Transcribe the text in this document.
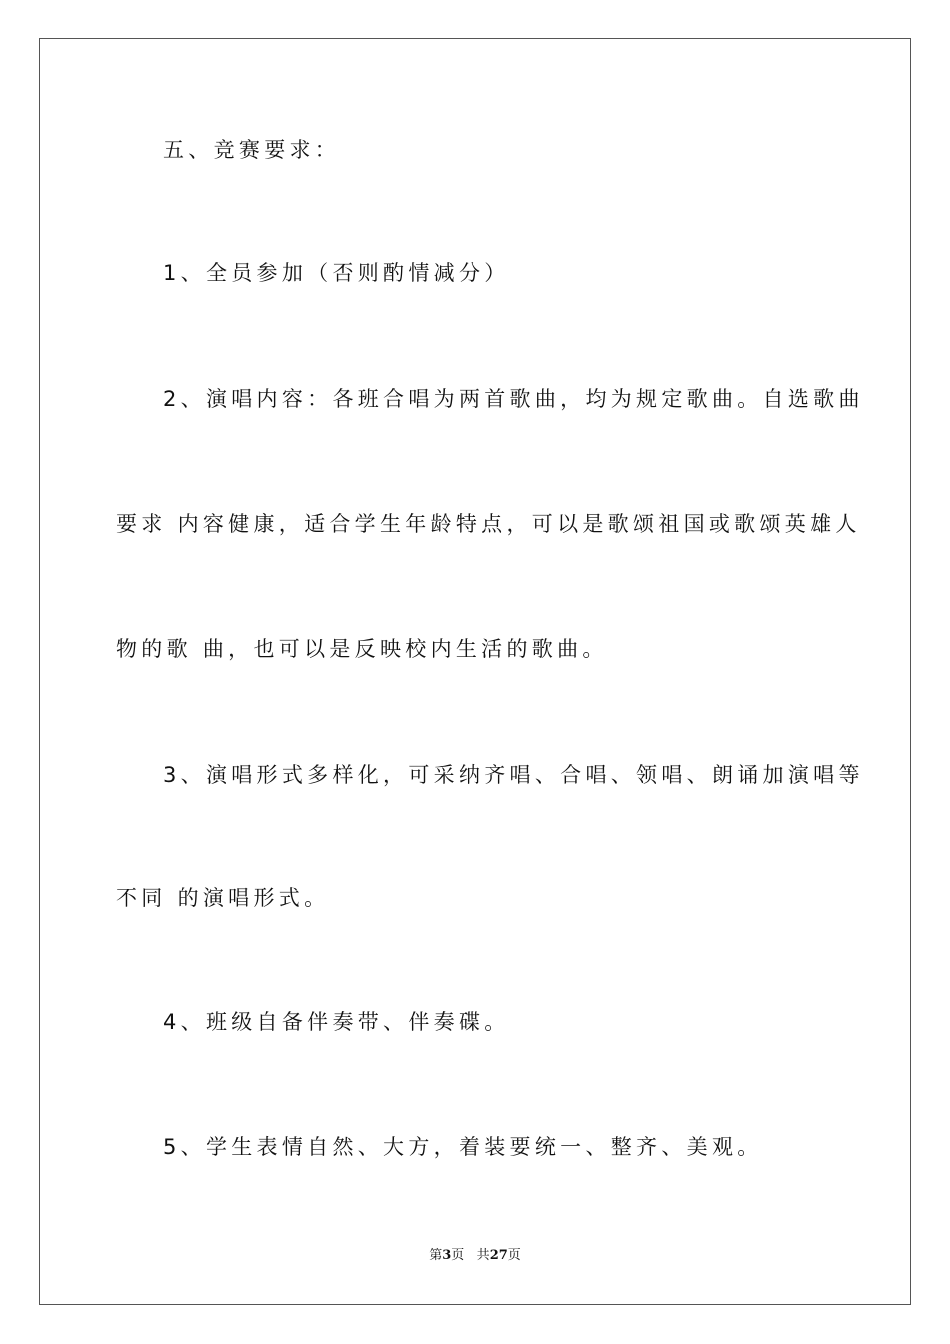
五、竞赛要求：
1、全员参加（否则酌情减分）
2、演唱内容：各班合唱为两首歌曲，均为规定歌曲。自选歌曲
要求 内容健康，适合学生年龄特点，可以是歌颂祖国或歌颂英雄人
物的歌 曲，也可以是反映校内生活的歌曲。
3、演唱形式多样化，可采纳齐唱、合唱、领唱、朗诵加演唱等
不同 的演唱形式。
4、班级自备伴奏带、伴奏碟。
5、学生表情自然、大方，着装要统一、整齐、美观。
第3页 共27页
